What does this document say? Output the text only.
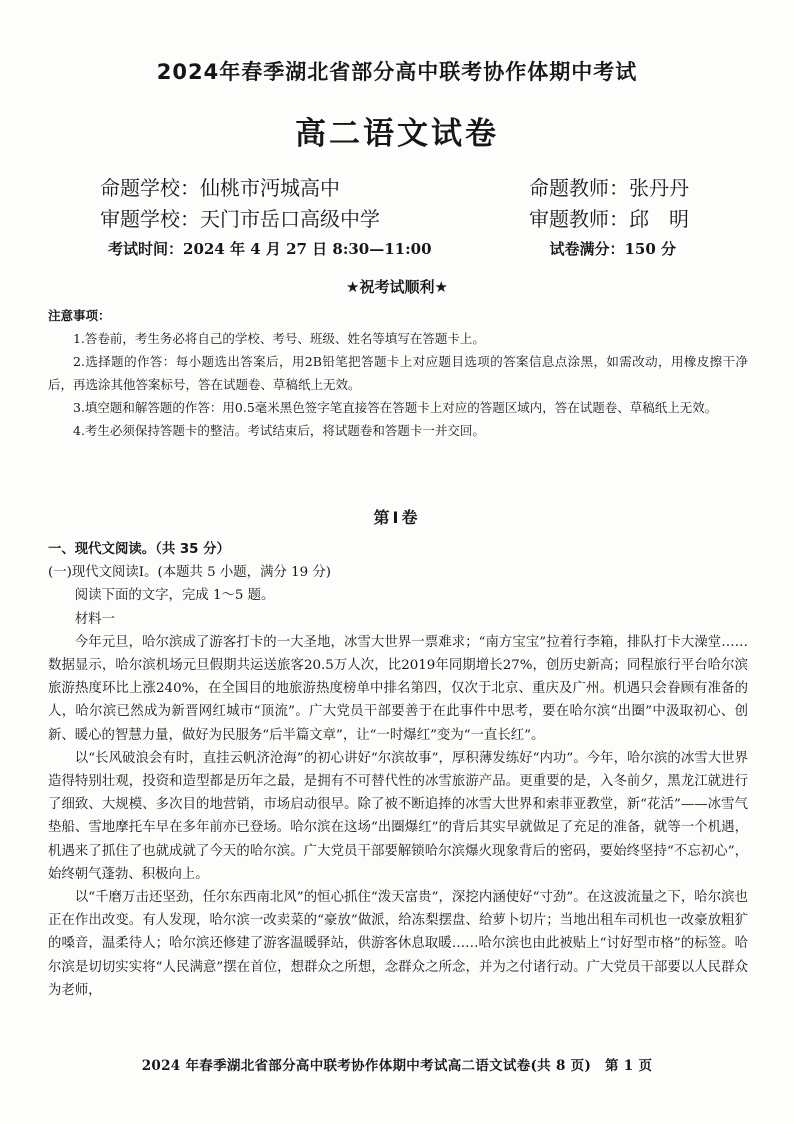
2024年春季湖北省部分高中联考协作体期中考试
高二语文试卷
命题学校：仙桃市沔城高中	命题教师：张丹丹
审题学校：天门市岳口高级中学	审题教师：邱　明
考试时间：2024 年 4 月 27 日 8:30—11:00	试卷满分：150 分
★祝考试顺利★
注意事项：

1.答卷前，考生务必将自己的学校、考号、班级、姓名等填写在答题卡上。

2.选择题的作答：每小题选出答案后，用2B铅笔把答题卡上对应题目选项的答案信息点涂黑，如需改动，用橡皮擦干净后，再选涂其他答案标号，答在试题卷、草稿纸上无效。

3.填空题和解答题的作答：用0.5毫米黑色签字笔直接答在答题卡上对应的答题区域内，答在试题卷、草稿纸上无效。

4.考生必须保持答题卡的整洁。考试结束后，将试题卷和答题卡一并交回。

第Ⅰ卷

一、现代文阅读。（共 35 分）

(一)现代文阅读Ⅰ。(本题共 5 小题，满分 19 分)

阅读下面的文字，完成 1～5 题。

材料一

今年元旦，哈尔滨成了游客打卡的一大圣地，冰雪大世界一票难求；“南方宝宝”拉着行李箱，排队打卡大澡堂……数据显示，哈尔滨机场元旦假期共运送旅客20.5万人次，比2019年同期增长27%，创历史新高；同程旅行平台哈尔滨旅游热度环比上涨240%，在全国目的地旅游热度榜单中排名第四，仅次于北京、重庆及广州。机遇只会眷顾有准备的人，哈尔滨已然成为新晋网红城市“顶流”。广大党员干部要善于在此事件中思考，要在哈尔滨“出圈”中汲取初心、创新、暖心的智慧力量，做好为民服务“后半篇文章”，让“一时爆红”变为“一直长红”。

以“长风破浪会有时，直挂云帆济沧海”的初心讲好“尔滨故事”，厚积薄发练好“内功”。今年，哈尔滨的冰雪大世界造得特别壮观，投资和造型都是历年之最，是拥有不可替代性的冰雪旅游产品。更重要的是，入冬前夕，黑龙江就进行了细致、大规模、多次目的地营销，市场启动很早。除了被不断追捧的冰雪大世界和索菲亚教堂，新“花活”——冰雪气垫船、雪地摩托车早在多年前亦已登场。哈尔滨在这场“出圈爆红”的背后其实早就做足了充足的准备，就等一个机遇，机遇来了抓住了也就成就了今天的哈尔滨。广大党员干部要解锁哈尔滨爆火现象背后的密码，要始终坚持“不忘初心”，始终朝气蓬勃、积极向上。

以“千磨万击还坚劲，任尔东西南北风”的恒心抓住“泼天富贵”，深挖内涵使好“寸劲”。在这波流量之下，哈尔滨也正在作出改变。有人发现，哈尔滨一改卖菜的“豪放”做派，给冻梨摆盘、给萝卜切片；当地出租车司机也一改豪放粗犷的嗓音，温柔待人；哈尔滨还修建了游客温暖驿站，供游客休息取暖……哈尔滨也由此被贴上“讨好型市格”的标签。哈尔滨是切切实实将“人民满意”摆在首位，想群众之所想，念群众之所念，并为之付诸行动。广大党员干部要以人民群众为老师，

2024 年春季湖北省部分高中联考协作体期中考试高二语文试卷(共 8 页)　第 1 页
